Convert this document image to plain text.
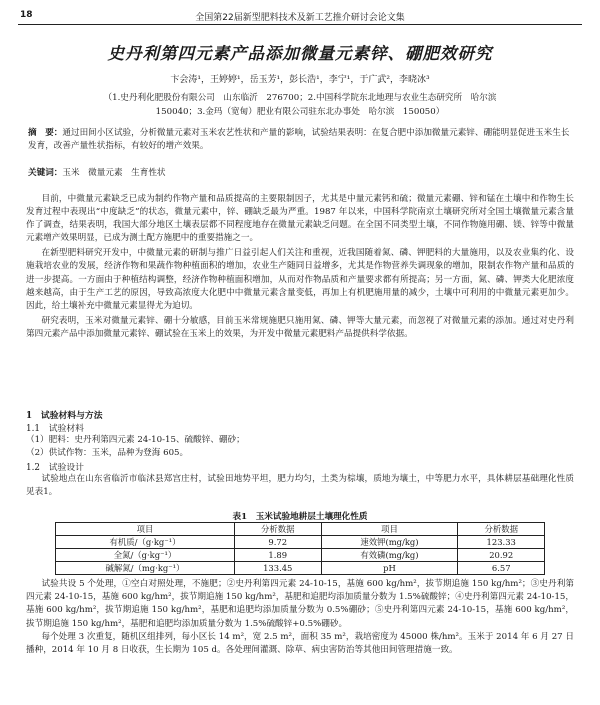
18	全国第22届新型肥料技术及新工艺推介研讨会论文集
史丹利第四元素产品添加微量元素锌、硼肥效研究
卞会涛¹，王婷婷¹，岳玉芳¹，彭长浩¹，李宁¹，于广武²，李晓冰³
（1.史丹利化肥股份有限公司　山东临沂　276700；2.中国科学院东北地理与农业生态研究所　哈尔滨
150040；3.金玛（宽甸）肥业有限公司驻东北办事处　哈尔滨　150050）
摘　要：通过田间小区试验，分析微量元素对玉米农艺性状和产量的影响，试验结果表明：在复合肥中添加微量元素锌、硼能明显促进玉米生长发育，改善产量性状指标，有较好的增产效果。
关键词：玉米　微量元素　生育性状

目前，中微量元素缺乏已成为制约作物产量和品质提高的主要限制因子，尤其是中量元素钙和硫；微量元素硼、锌和锰在土壤中和作物生长发育过程中表现出“中度缺乏”的状态，微量元素中，锌、硼缺乏最为严重。1987 年以来，中国科学院南京土壤研究所对全国土壤微量元素含量作了调查，结果表明，我国大部分地区土壤表层都不同程度地存在微量元素缺乏问题。在全国不同类型土壤，不同作物施用硼、镁、锌等中微量元素增产效果明显，已成为测土配方施肥中的重要措施之一。

在新型肥料研究开发中，中微量元素的研制与推广日益引起人们关注和重视，近我国随着氮、磷、钾肥料的大量施用，以及农业集约化、设施栽培农业的发展，经济作物和果蔬作物种植面积的增加，农业生产随同日益增多，尤其是作物营养失调现象的增加，限制农作物产量和品质的进一步提高。一方面由于种植结构调整，经济作物种植面积增加，从而对作物品质和产量要求都有所提高；另一方面，氮、磷、钾类大化肥浓度越来越高，由于生产工艺的原因，导致高浓度大化肥中中微量元素含量变低，再加上有机肥施用量的减少，土壤中可利用的中微量元素更加少。因此，给土壤补充中微量元素显得尤为迫切。

研究表明，玉米对微量元素锌、硼十分敏感，目前玉米常规施肥只施用氮、磷、钾等大量元素，而忽视了对微量元素的添加。通过对史丹利第四元素产品中添加微量元素锌、硼试验在玉米上的效果，为开发中微量元素肥料产品提供科学依据。

1　试验材料与方法
1.1　试验材料
（1）肥料：史丹利第四元素 24-10-15、硫酸锌、硼砂；
（2）供试作物：玉米，品种为登海 605。
1.2　试验设计
试验地点在山东省临沂市临沭县郑宫庄村，试验田地势平坦，肥力均匀，土类为棕壤，质地为壤土，中等肥力水平，具体耕层基础理化性质见表1。
表1　玉米试验地耕层土壤理化性质
项目	分析数据	项目	分析数据
有机质/（g·kg⁻¹）	9.72	速效钾(mg/kg)	123.33
全氮/（g·kg⁻¹）	1.89	有效磷(mg/kg)	20.92
碱解氮/（mg·kg⁻¹）	133.45	pH	6.57

试验共设 5 个处理，①空白对照处理，不施肥；②史丹利第四元素 24-10-15，基施 600 kg/hm²，拔节期追施 150 kg/hm²；③史丹利第四元素 24-10-15，基施 600 kg/hm²，拔节期追施 150 kg/hm²，基肥和追肥均添加质量分数为 1.5%硫酸锌；④史丹利第四元素 24-10-15，基施 600 kg/hm²，拔节期追施 150 kg/hm²，基肥和追肥均添加质量分数为 0.5%硼砂；⑤史丹利第四元素 24-10-15，基施 600 kg/hm²，拔节期追施 150 kg/hm²，基肥和追肥均添加质量分数为 1.5%硫酸锌+0.5%硼砂。

每个处理 3 次重复，随机区组排列，每小区长 14 m²，宽 2.5 m²，面积 35 m²，栽培密度为 45000 株/hm²。玉米于 2014 年 6 月 27 日播种，2014 年 10 月 8 日收获，生长期为 105 d。各处理间灌溉、除草、病虫害防治等其他田间管理措施一致。
